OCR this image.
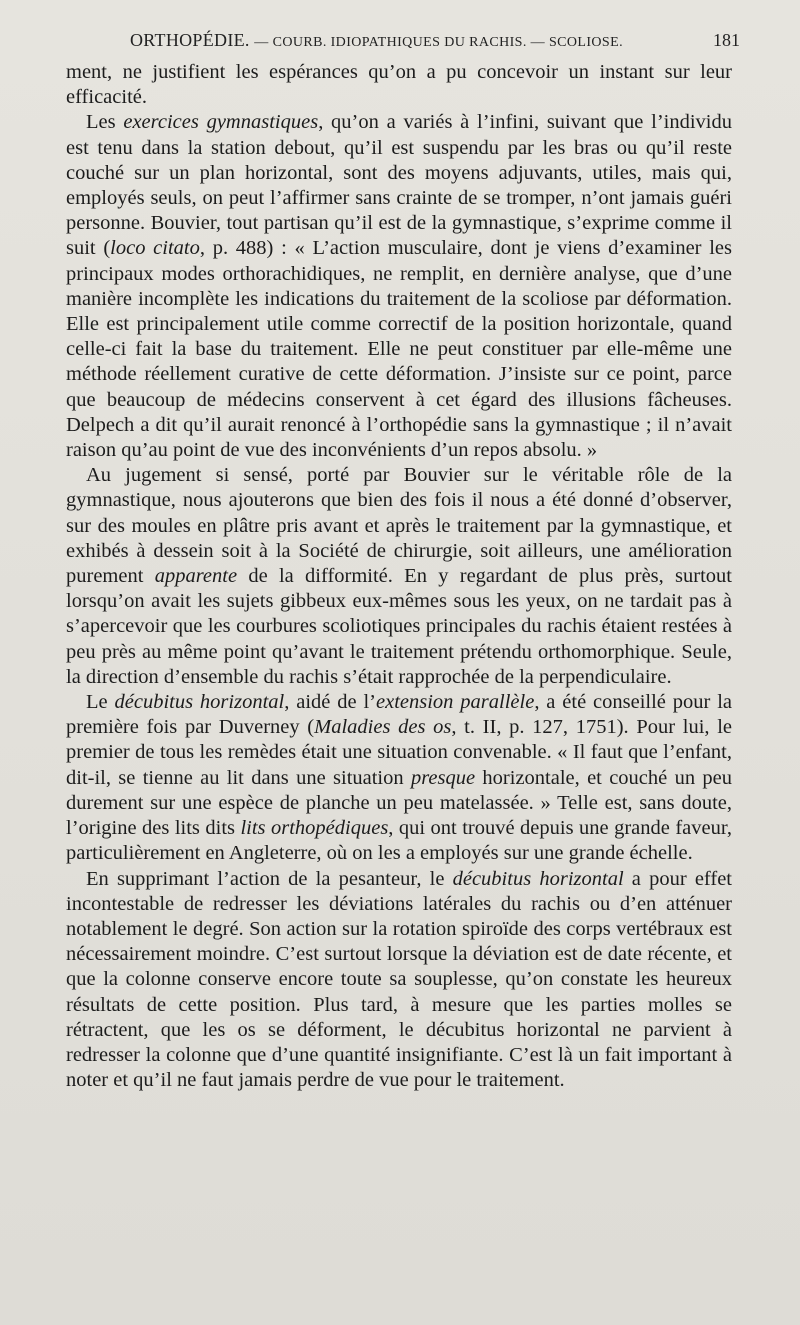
ORTHOPÉDIE. — COURB. IDIOPATHIQUES DU RACHIS. — SCOLIOSE.	181

ment, ne justifient les espérances qu’on a pu concevoir un instant sur leur efficacité.

Les exercices gymnastiques, qu’on a variés à l’infini, suivant que l’individu est tenu dans la station debout, qu’il est suspendu par les bras ou qu’il reste couché sur un plan horizontal, sont des moyens adjuvants, utiles, mais qui, employés seuls, on peut l’affirmer sans crainte de se tromper, n’ont jamais guéri personne. Bouvier, tout partisan qu’il est de la gymnastique, s’exprime comme il suit (loco citato, p. 488) : « L’action musculaire, dont je viens d’examiner les principaux modes orthorachidiques, ne remplit, en dernière analyse, que d’une manière incomplète les indications du traitement de la scoliose par déformation. Elle est principalement utile comme correctif de la position horizontale, quand celle-ci fait la base du traitement. Elle ne peut constituer par elle-même une méthode réellement curative de cette déformation. J’insiste sur ce point, parce que beaucoup de médecins conservent à cet égard des illusions fâcheuses. Delpech a dit qu’il aurait renoncé à l’orthopédie sans la gymnastique ; il n’avait raison qu’au point de vue des inconvénients d’un repos absolu. »

Au jugement si sensé, porté par Bouvier sur le véritable rôle de la gymnastique, nous ajouterons que bien des fois il nous a été donné d’observer, sur des moules en plâtre pris avant et après le traitement par la gymnastique, et exhibés à dessein soit à la Société de chirurgie, soit ailleurs, une amélioration purement apparente de la difformité. En y regardant de plus près, surtout lorsqu’on avait les sujets gibbeux eux-mêmes sous les yeux, on ne tardait pas à s’apercevoir que les courbures scoliotiques principales du rachis étaient restées à peu près au même point qu’avant le traitement prétendu orthomorphique. Seule, la direction d’ensemble du rachis s’était rapprochée de la perpendiculaire.

Le décubitus horizontal, aidé de l’extension parallèle, a été conseillé pour la première fois par Duverney (Maladies des os, t. II, p. 127, 1751). Pour lui, le premier de tous les remèdes était une situation convenable. « Il faut que l’enfant, dit-il, se tienne au lit dans une situation presque horizontale, et couché un peu durement sur une espèce de planche un peu matelassée. » Telle est, sans doute, l’origine des lits dits lits orthopédiques, qui ont trouvé depuis une grande faveur, particulièrement en Angleterre, où on les a employés sur une grande échelle.

En supprimant l’action de la pesanteur, le décubitus horizontal a pour effet incontestable de redresser les déviations latérales du rachis ou d’en atténuer notablement le degré. Son action sur la rotation spiroïde des corps vertébraux est nécessairement moindre. C’est surtout lorsque la déviation est de date récente, et que la colonne conserve encore toute sa souplesse, qu’on constate les heureux résultats de cette position. Plus tard, à mesure que les parties molles se rétractent, que les os se déforment, le décubitus horizontal ne parvient à redresser la colonne que d’une quantité insignifiante. C’est là un fait important à noter et qu’il ne faut jamais perdre de vue pour le traitement.
